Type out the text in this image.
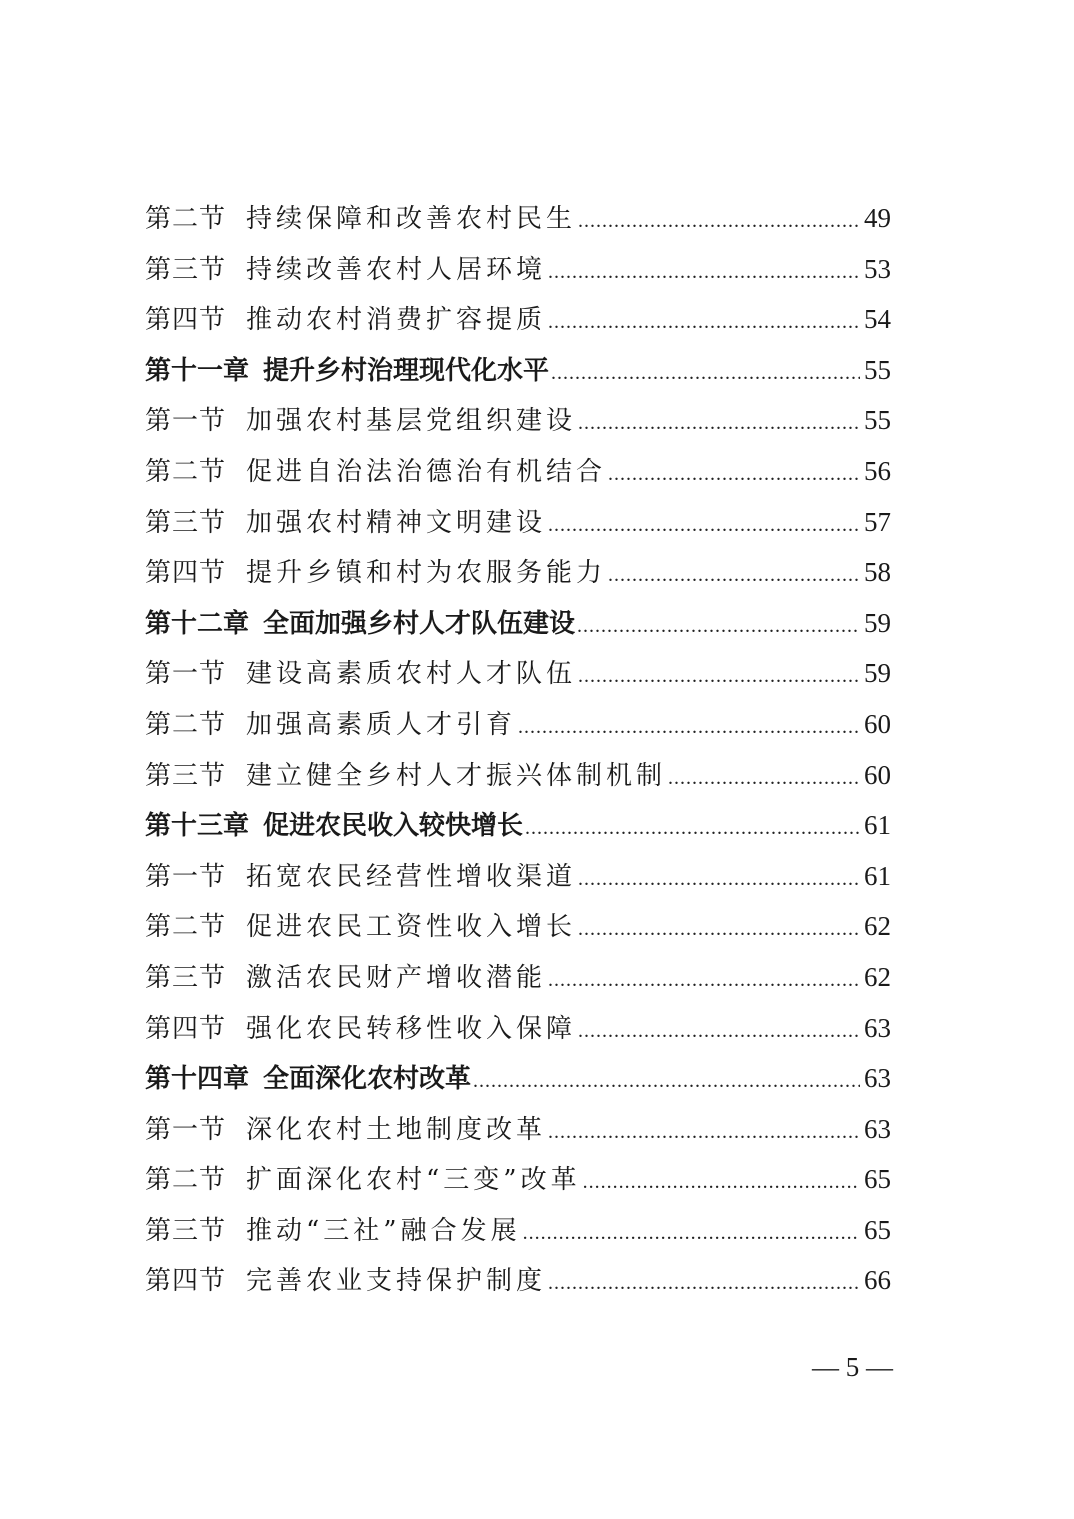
第二节 持续保障和改善农村民生 .....	49
第三节 持续改善农村人居环境 .....	53
第四节 推动农村消费扩容提质 .....	54
第十一章 提升乡村治理现代化水平 .....	55
第一节 加强农村基层党组织建设 .....	55
第二节 促进自治法治德治有机结合 .....	56
第三节 加强农村精神文明建设 .....	57
第四节 提升乡镇和村为农服务能力 .....	58
第十二章 全面加强乡村人才队伍建设 .....	59
第一节 建设高素质农村人才队伍 .....	59
第二节 加强高素质人才引育 .....	60
第三节 建立健全乡村人才振兴体制机制 .....	60
第十三章 促进农民收入较快增长 .....	61
第一节 拓宽农民经营性增收渠道 .....	61
第二节 促进农民工资性收入增长 .....	62
第三节 激活农民财产增收潜能 .....	62
第四节 强化农民转移性收入保障 .....	63
第十四章 全面深化农村改革 .....	63
第一节 深化农村土地制度改革 .....	63
第二节 扩面深化农村“三变”改革 .....	65
第三节 推动“三社”融合发展 .....	65
第四节 完善农业支持保护制度 .....	66
— 5 —
